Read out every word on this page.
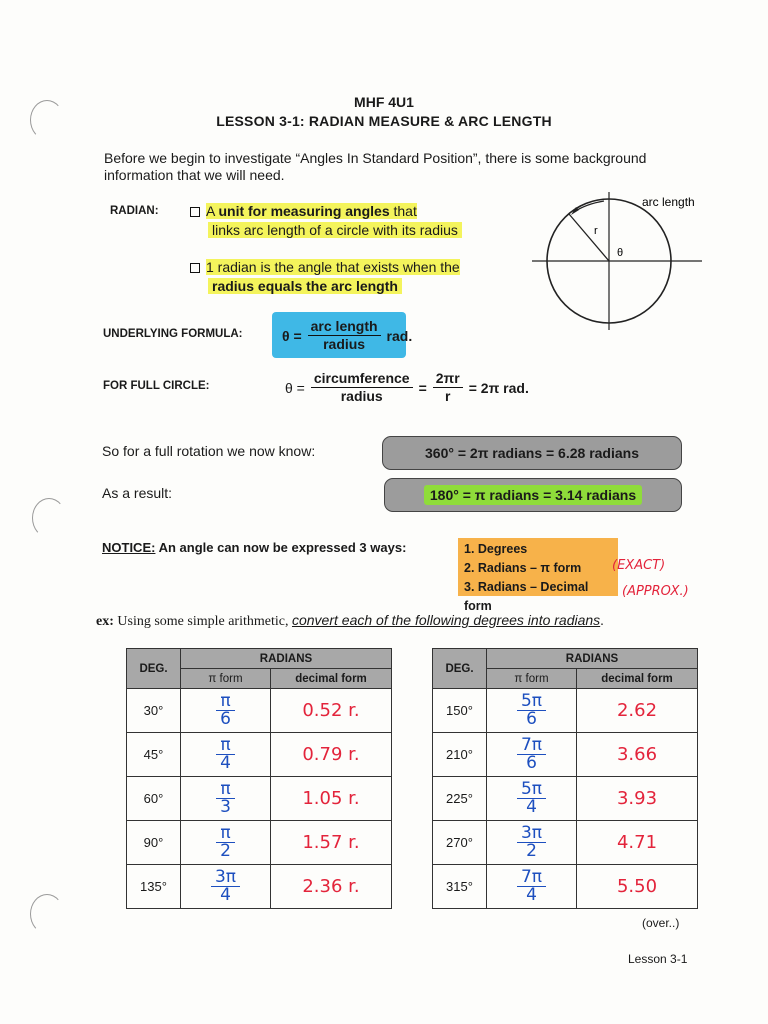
MHF 4U1
LESSON 3-1: RADIAN MEASURE & ARC LENGTH
Before we begin to investigate “Angles In Standard Position”, there is some background information that we will need.
RADIAN:	A unit for measuring angles that
links arc length of a circle with its radius
1 radian is the angle that exists when the
radius equals the arc length
arc length
r
θ
UNDERLYING FORMULA:	$\theta = \frac{\text{arc length}}{\text{radius}}$ rad.
FOR FULL CIRCLE:	$\theta = \frac{\text{circumference}}{\text{radius}} = \frac{2\pi r}{r} = 2\pi$ rad.
So for a full rotation we now know:	360° = 2π radians = 6.28 radians
As a result:	180° = π radians = 3.14 radians
NOTICE: An angle can now be expressed 3 ways:	1. Degrees
2. Radians – π form
3. Radians – Decimal form
(EXACT)
(APPROX.)
ex: Using some simple arithmetic, convert each of the following degrees into radians.
DEG.	RADIANS	
	π form	decimal form
30°	$\frac{\pi}{6}$	0.52 r.
45°	$\frac{\pi}{4}$	0.79 r.
60°	$\frac{\pi}{3}$	1.05 r.
90°	$\frac{\pi}{2}$	1.57 r.
135°	$\frac{3\pi}{4}$	2.36 r.
DEG.	RADIANS	
	π form	decimal form
150°	$\frac{5\pi}{6}$	2.62
210°	$\frac{7\pi}{6}$	3.66
225°	$\frac{5\pi}{4}$	3.93
270°	$\frac{3\pi}{2}$	4.71
315°	$\frac{7\pi}{4}$	5.50
(over..)
Lesson 3-1
